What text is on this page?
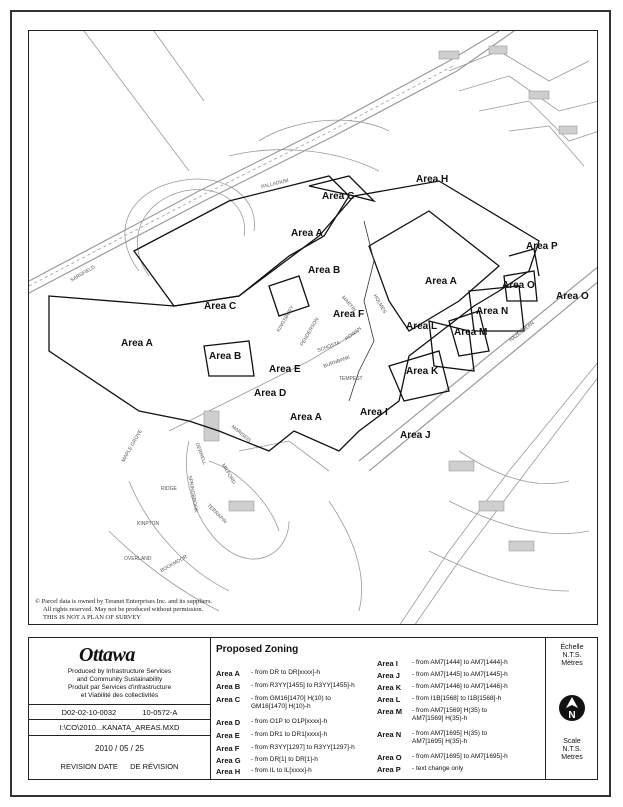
Area G
Area H
Area A
Area B
Area A
Area P
Area O
Area O
Area N
Area C
Area F
Area L
Area M
Area A
Area B
Area E	Area K
Area D
Area I
Area A
Area J
PALLADIUM
MAPLE GROVE
HAZELDEAN
TEMPEST
ROWAN
BURNBANK
SCHOSTA
PENDERSON
MARTIN
KINGSBURY
DERRELL
RIDGE
KINPTON
OVERLAND
MILFORD
BOOKMOOR
HOLMES
SPRINGBROOK
TERRAPIN
MARISEIS
SARSFIELD
© Parcel data is owned by Teranet Enterprises Inc. and its suppliers.
All rights reserved. May not be produced without permission.
THIS IS NOT A PLAN OF SURVEY
Ottawa
Produced by Infrastructure Services
and Community Sustainability
Produit par Services d'infrastructure
et Viabilité des collectivités
D02-02-10-0032	10-0572-A
I:\CO\2010...KANATA_AREAS.MXD
2010 / 05 / 25
REVISION DATE DE RÉVISION
Proposed Zoning
Area A - from DR to DR[xxxx]-h
Area B - from R3YY[1455] to R3YY[1455]-h
Area C - from GM16[1470] H(10) to
GM16[1470] H(10)-h
Area D - from O1P to O1P[xxxx]-h
Area E - from DR1 to DR1[xxxx]-h
Area F - from R3YY[1297] to R3YY[1297]-h
Area G - from DR[1] to DR[1]-h
Area H - from IL to IL[xxxx]-h
Area I - from AM7[1444] to AM7[1444]-h
Area J - from AM7[1445] to AM7[1445]-h
Area K - from AM7[1446] to AM7[1446]-h
Area L - from I1B[1568] to I1B[1568]-h
Area M - from AM7[1569] H(35) to
AM7[1569] H(35)-h
Area N - from AM7[1695] H(35) to
AM7[1695] H(35)-h
Area O - from AM7[1695] to AM7[1695]-h
Area P - text change only
Échelle
N.T.S.
Mètres
N
Scale
N.T.S.
Metres
